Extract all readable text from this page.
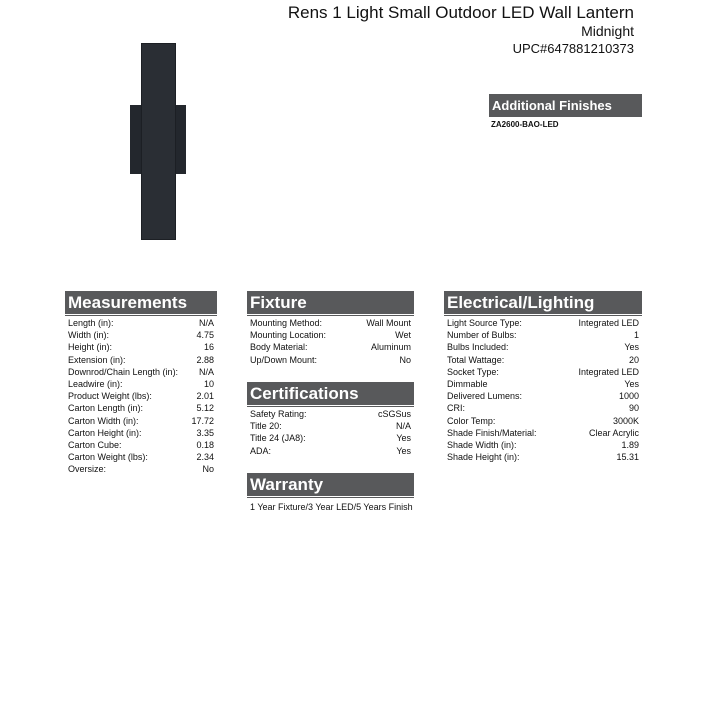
Rens 1 Light Small Outdoor LED Wall Lantern
Midnight
UPC#647881210373
Additional Finishes
ZA2600-BAO-LED
Measurements
Length (in):	N/A
Width (in):	4.75
Height (in):	16
Extension (in):	2.88
Downrod/Chain Length (in): N/A
Leadwire (in):	10
Product Weight (lbs):	2.01
Carton Length (in):	5.12
Carton Width (in):	17.72
Carton Height (in):	3.35
Carton Cube:	0.18
Carton Weight (lbs):	2.34
Oversize:	No
Fixture
Mounting Method:	Wall Mount
Mounting Location:	Wet
Body Material:	Aluminum
Up/Down Mount:	No
Certifications
Safety Rating:	cSGSus
Title 20:	N/A
Title 24 (JA8):	Yes
ADA:	Yes
Warranty
1 Year Fixture/3 Year LED/5 Years Finish
Electrical/Lighting
Light Source Type:	Integrated LED
Number of Bulbs:	1
Bulbs Included:	Yes
Total Wattage:	20
Socket Type:	Integrated LED
Dimmable	Yes
Delivered Lumens:	1000
CRI:	90
Color Temp:	3000K
Shade Finish/Material:	Clear Acrylic
Shade Width (in):	1.89
Shade Height (in):	15.31
